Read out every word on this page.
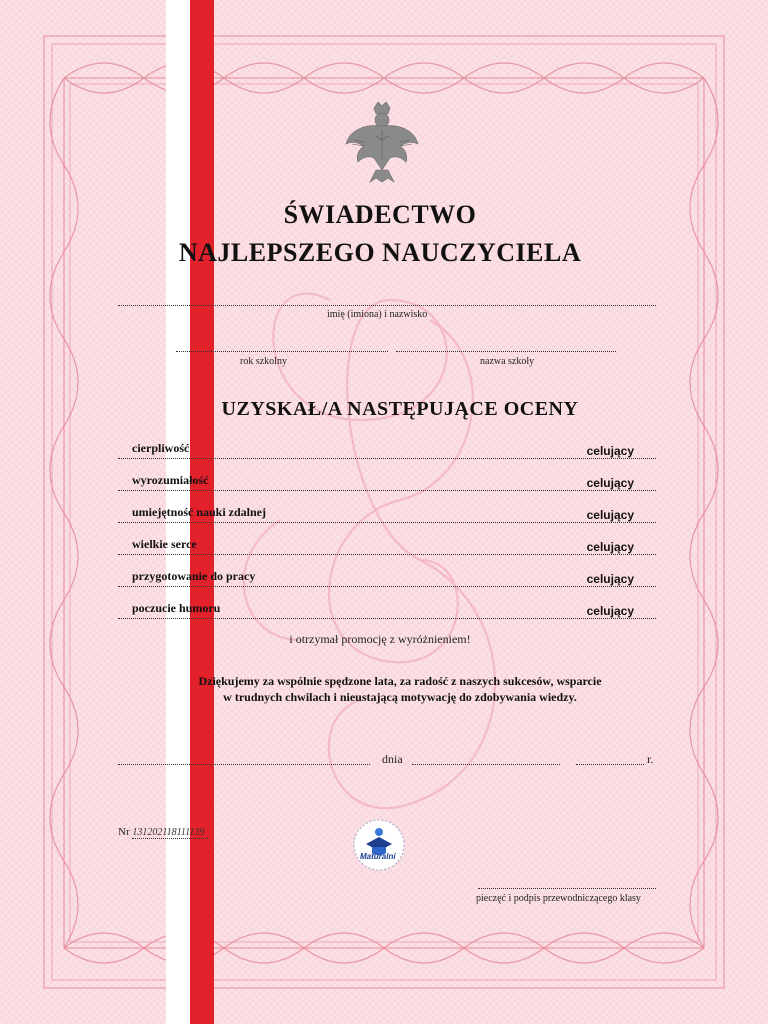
ŚWIADECTWO
NAJLEPSZEGO NAUCZYCIELA
imię (imiona) i nazwisko
rok szkolny	nazwa szkoły
UZYSKAŁ/A NASTĘPUJĄCE OCENY
cierpliwość	celujący
wyrozumiałość	celujący
umiejętność nauki zdalnej	celujący
wielkie serce	celujący
przygotowanie do pracy	celujący
poczucie humoru	celujący
i otrzymał promocję z wyróżnieniem!
Dziękujemy za wspólnie spędzone lata, za radość z naszych sukcesów, wsparcie
w trudnych chwilach i nieustającą motywację do zdobywania wiedzy.
dnia	r.
Nr 131202118111139
Maturalni
pieczęć i podpis przewodniczącego klasy
